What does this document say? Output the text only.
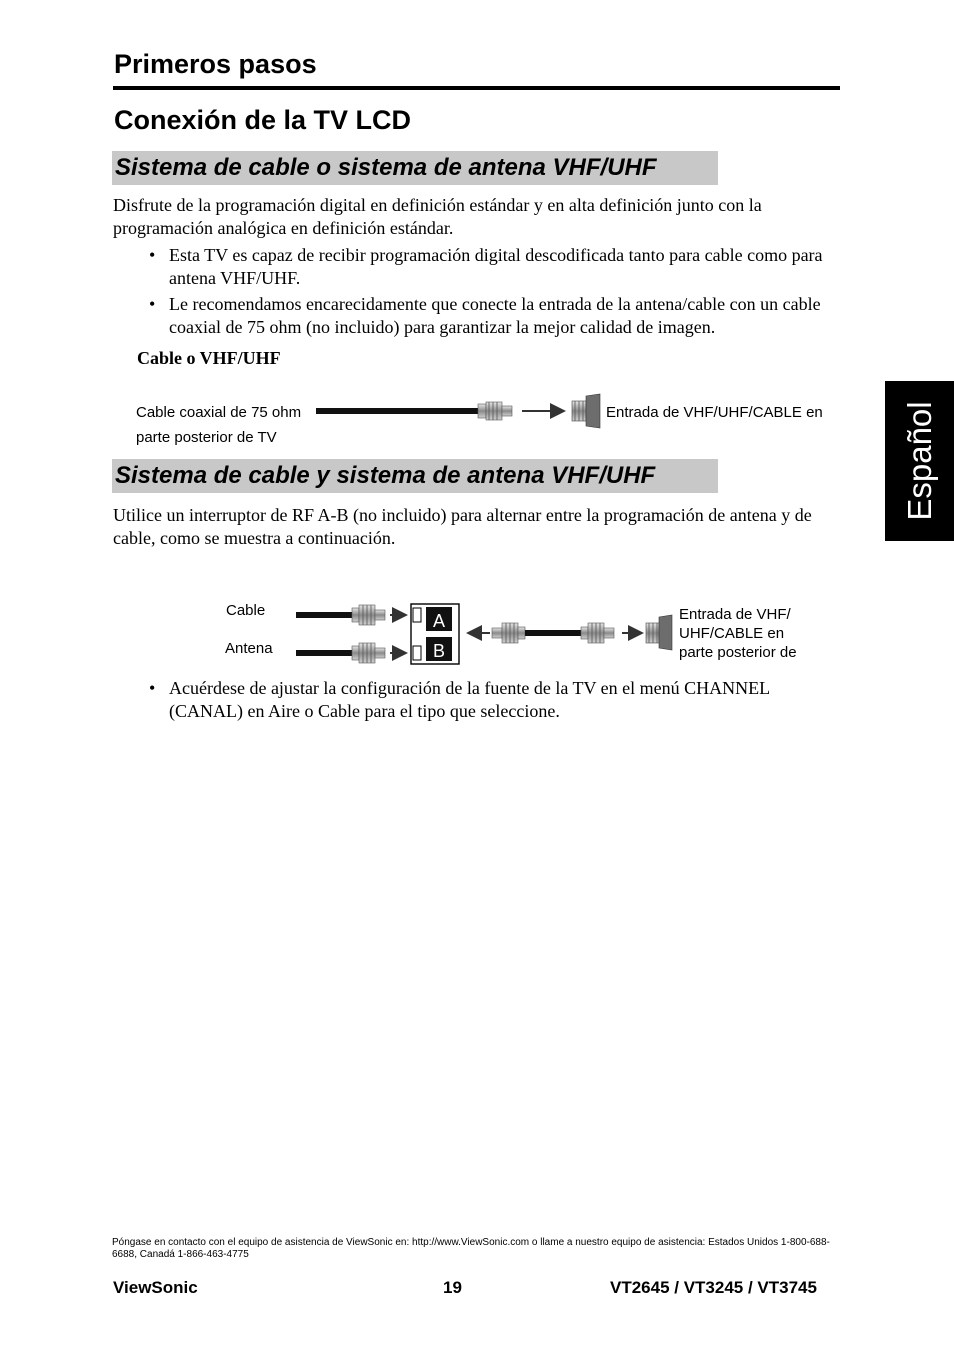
Primeros pasos
Conexión de la TV LCD
Sistema de cable o sistema de antena VHF/UHF
Disfrute de la programación digital en definición estándar y en alta definición junto con la programación analógica en definición estándar.
• Esta TV es capaz de recibir programación digital descodificada tanto para cable como para antena VHF/UHF.
• Le recomendamos encarecidamente que conecte la entrada de la antena/cable con un cable coaxial de 75 ohm (no incluido) para garantizar la mejor calidad de imagen.
Cable o VHF/UHF
Cable coaxial de 75 ohm
parte posterior de TV
Entrada de VHF/UHF/CABLE en
A
B
Sistema de cable y sistema de antena VHF/UHF
Utilice un interruptor de RF A-B (no incluido) para alternar entre la programación de antena y de cable, como se muestra a continuación.
Cable
Antena
Entrada de VHF/
UHF/CABLE en
parte posterior de
• Acuérdese de ajustar la configuración de la fuente de la TV en el menú CHANNEL (CANAL) en Aire o Cable para el tipo que seleccione.
Español
Póngase en contacto con el equipo de asistencia de ViewSonic en: http://www.ViewSonic.com o llame a nuestro equipo de asistencia: Estados Unidos 1-800-688-6688, Canadá 1-866-463-4775
ViewSonic	19	VT2645 / VT3245 / VT3745
